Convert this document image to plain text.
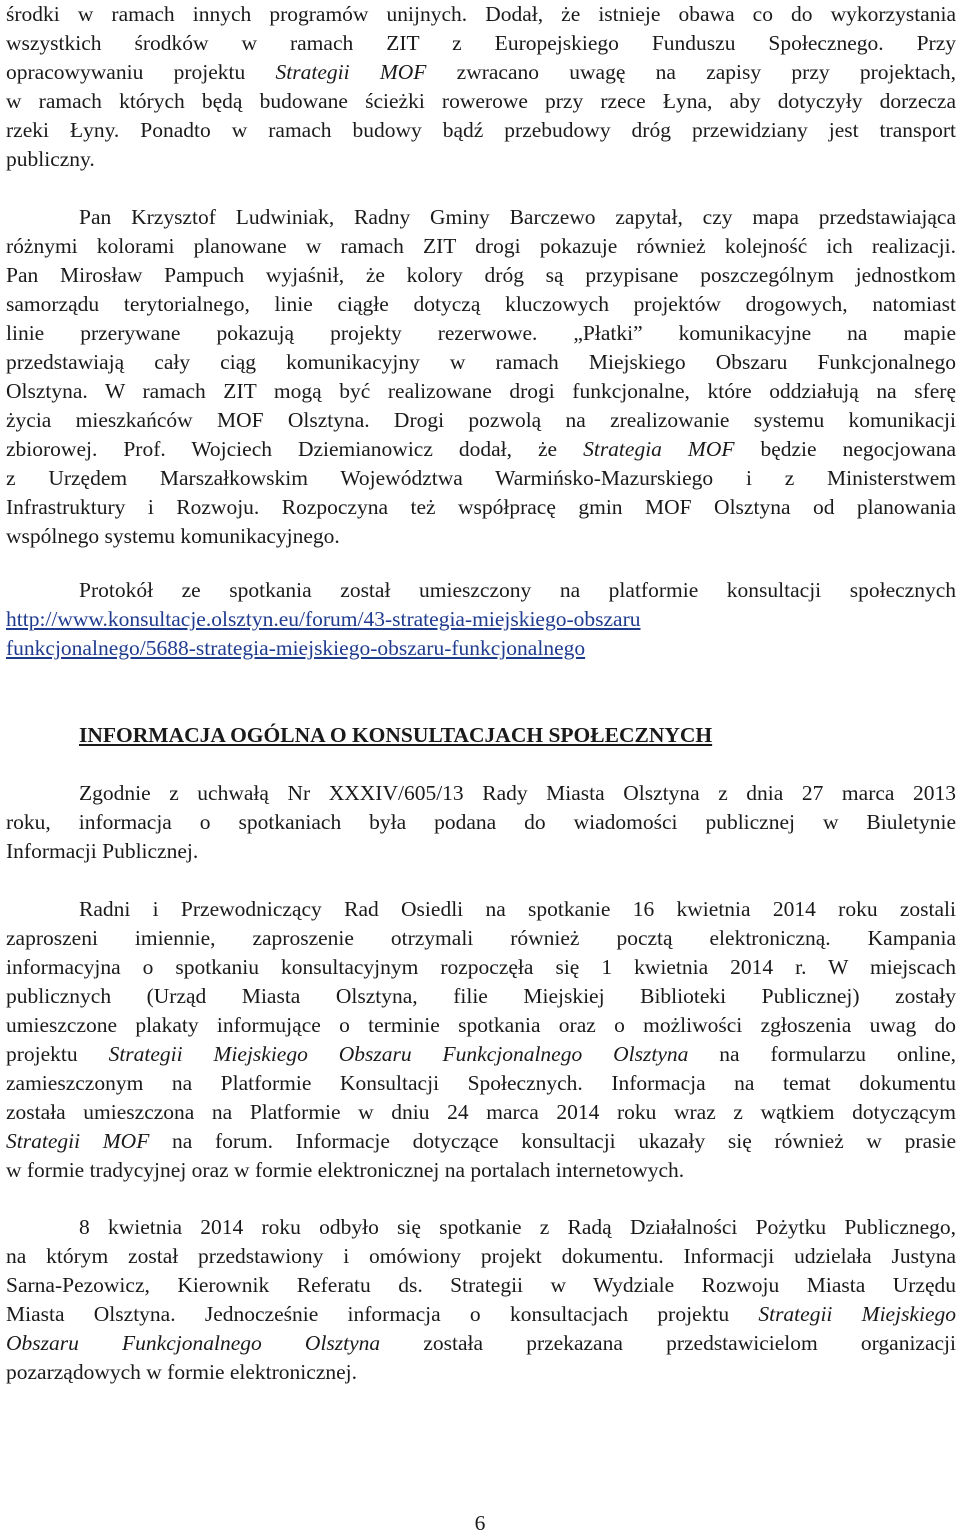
środki w ramach innych programów unijnych. Dodał, że istnieje obawa co do wykorzystania
wszystkich środków w ramach ZIT z Europejskiego Funduszu Społecznego. Przy
opracowywaniu projektu Strategii MOF zwracano uwagę na zapisy przy projektach,
w ramach których będą budowane ścieżki rowerowe przy rzece Łyna, aby dotyczyły dorzecza
rzeki Łyny. Ponadto w ramach budowy bądź przebudowy dróg przewidziany jest transport
publiczny.
Pan Krzysztof Ludwiniak, Radny Gminy Barczewo zapytał, czy mapa przedstawiająca
różnymi kolorami planowane w ramach ZIT drogi pokazuje również kolejność ich realizacji.
Pan Mirosław Pampuch wyjaśnił, że kolory dróg są przypisane poszczególnym jednostkom
samorządu terytorialnego, linie ciągłe dotyczą kluczowych projektów drogowych, natomiast
linie przerywane pokazują projekty rezerwowe. „Płatki” komunikacyjne na mapie
przedstawiają cały ciąg komunikacyjny w ramach Miejskiego Obszaru Funkcjonalnego
Olsztyna. W ramach ZIT mogą być realizowane drogi funkcjonalne, które oddziałują na sferę
życia mieszkańców MOF Olsztyna. Drogi pozwolą na zrealizowanie systemu komunikacji
zbiorowej. Prof. Wojciech Dziemianowicz dodał, że Strategia MOF będzie negocjowana
z Urzędem Marszałkowskim Województwa Warmińsko-Mazurskiego i z Ministerstwem
Infrastruktury i Rozwoju. Rozpoczyna też współpracę gmin MOF Olsztyna od planowania
wspólnego systemu komunikacyjnego.
Protokół ze spotkania został umieszczony na platformie konsultacji społecznych
http://www.konsultacje.olsztyn.eu/forum/43-strategia-miejskiego-obszaru
funkcjonalnego/5688-strategia-miejskiego-obszaru-funkcjonalnego
INFORMACJA OGÓLNA O KONSULTACJACH SPOŁECZNYCH
Zgodnie z uchwałą Nr XXXIV/605/13 Rady Miasta Olsztyna z dnia 27 marca 2013
roku, informacja o spotkaniach była podana do wiadomości publicznej w Biuletynie
Informacji Publicznej.
Radni i Przewodniczący Rad Osiedli na spotkanie 16 kwietnia 2014 roku zostali
zaproszeni imiennie, zaproszenie otrzymali również pocztą elektroniczną. Kampania
informacyjna o spotkaniu konsultacyjnym rozpoczęła się 1 kwietnia 2014 r. W miejscach
publicznych (Urząd Miasta Olsztyna, filie Miejskiej Biblioteki Publicznej) zostały
umieszczone plakaty informujące o terminie spotkania oraz o możliwości zgłoszenia uwag do
projektu Strategii Miejskiego Obszaru Funkcjonalnego Olsztyna na formularzu online,
zamieszczonym na Platformie Konsultacji Społecznych. Informacja na temat dokumentu
została umieszczona na Platformie w dniu 24 marca 2014 roku wraz z wątkiem dotyczącym
Strategii MOF na forum. Informacje dotyczące konsultacji ukazały się również w prasie
w formie tradycyjnej oraz w formie elektronicznej na portalach internetowych.
8 kwietnia 2014 roku odbyło się spotkanie z Radą Działalności Pożytku Publicznego,
na którym został przedstawiony i omówiony projekt dokumentu. Informacji udzielała Justyna
Sarna-Pezowicz, Kierownik Referatu ds. Strategii w Wydziale Rozwoju Miasta Urzędu
Miasta Olsztyna. Jednocześnie informacja o konsultacjach projektu Strategii Miejskiego
Obszaru Funkcjonalnego Olsztyna została przekazana przedstawicielom organizacji
pozarządowych w formie elektronicznej.
6
